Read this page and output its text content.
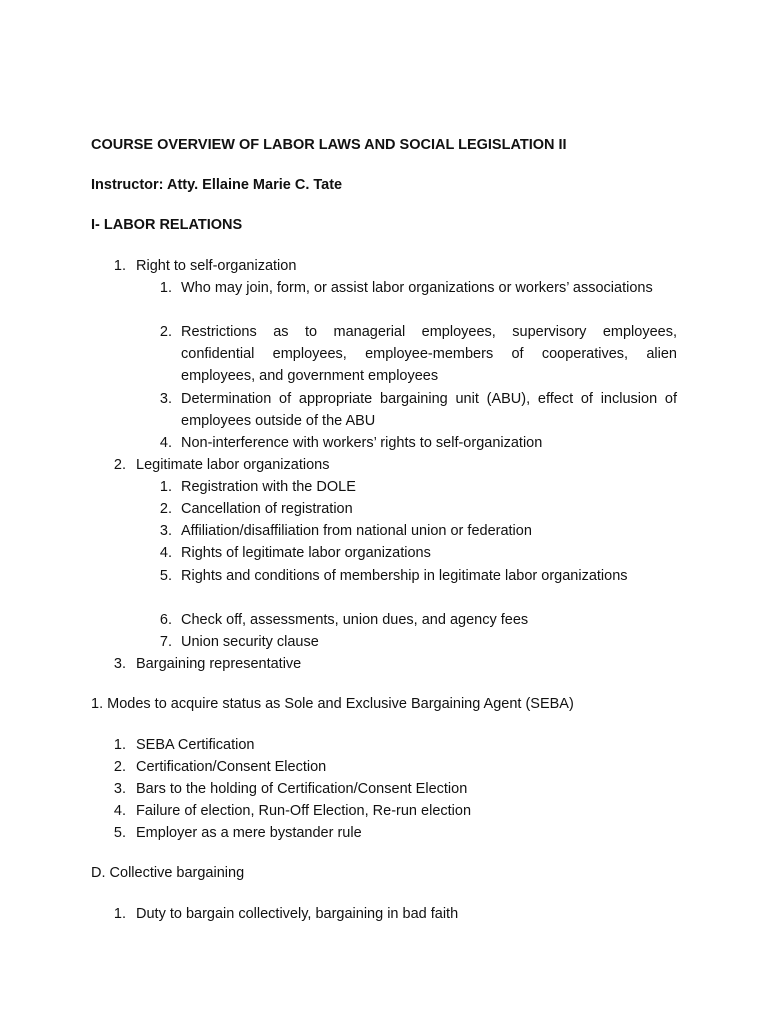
COURSE OVERVIEW OF LABOR LAWS AND SOCIAL LEGISLATION II
Instructor: Atty. Ellaine Marie C. Tate
I- LABOR RELATIONS
1. Right to self-organization
1. Who may join, form, or assist labor organizations or workers’ associations
2. Restrictions as to managerial employees, supervisory employees, confidential employees, employee-members of cooperatives, alien employees, and government employees
3. Determination of appropriate bargaining unit (ABU), effect of inclusion of employees outside of the ABU
4. Non-interference with workers’ rights to self-organization
2. Legitimate labor organizations
1. Registration with the DOLE
2. Cancellation of registration
3. Affiliation/disaffiliation from national union or federation
4. Rights of legitimate labor organizations
5. Rights and conditions of membership in legitimate labor organizations
6. Check off, assessments, union dues, and agency fees
7. Union security clause
3. Bargaining representative
1. Modes to acquire status as Sole and Exclusive Bargaining Agent (SEBA)
1. SEBA Certification
2. Certification/Consent Election
3. Bars to the holding of Certification/Consent Election
4. Failure of election, Run-Off Election, Re-run election
5. Employer as a mere bystander rule
D. Collective bargaining
1. Duty to bargain collectively, bargaining in bad faith
